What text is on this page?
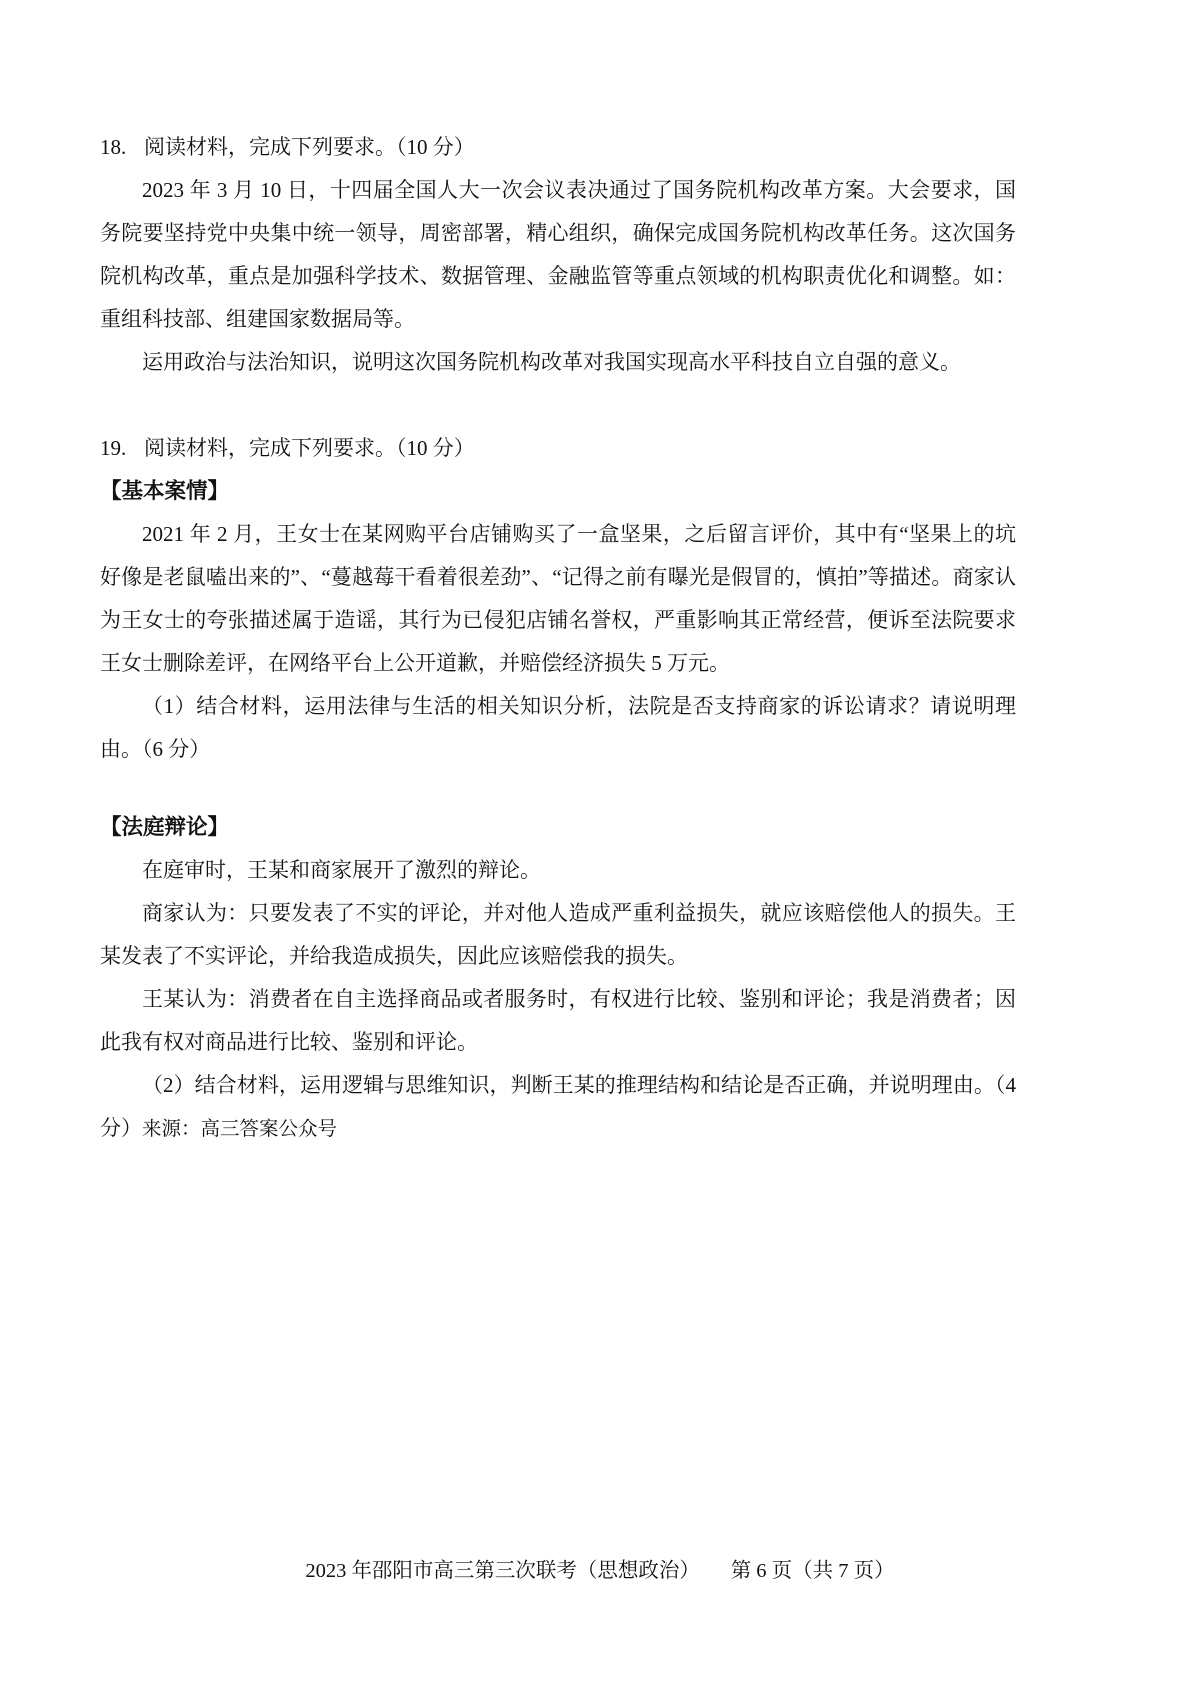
18. 阅读材料，完成下列要求。（10 分）

2023 年 3 月 10 日，十四届全国人大一次会议表决通过了国务院机构改革方案。大会要求，国务院要坚持党中央集中统一领导，周密部署，精心组织，确保完成国务院机构改革任务。这次国务院机构改革，重点是加强科学技术、数据管理、金融监管等重点领域的机构职责优化和调整。如：重组科技部、组建国家数据局等。

运用政治与法治知识，说明这次国务院机构改革对我国实现高水平科技自立自强的意义。

19. 阅读材料，完成下列要求。（10 分）

【基本案情】

2021 年 2 月，王女士在某网购平台店铺购买了一盒坚果，之后留言评价，其中有“坚果上的坑好像是老鼠嗑出来的”、“蔓越莓干看着很差劲”、“记得之前有曝光是假冒的，慎拍”等描述。商家认为王女士的夸张描述属于造谣，其行为已侵犯店铺名誉权，严重影响其正常经营，便诉至法院要求王女士删除差评，在网络平台上公开道歉，并赔偿经济损失 5 万元。

（1）结合材料，运用法律与生活的相关知识分析，法院是否支持商家的诉讼请求？请说明理由。（6 分）

【法庭辩论】

在庭审时，王某和商家展开了激烈的辩论。

商家认为：只要发表了不实的评论，并对他人造成严重利益损失，就应该赔偿他人的损失。王某发表了不实评论，并给我造成损失，因此应该赔偿我的损失。

王某认为：消费者在自主选择商品或者服务时，有权进行比较、鉴别和评论；我是消费者；因此我有权对商品进行比较、鉴别和评论。

（2）结合材料，运用逻辑与思维知识，判断王某的推理结构和结论是否正确，并说明理由。（4 分）来源：高三答案公众号

2023 年邵阳市高三第三次联考（思想政治）　　 第 6 页（共 7 页）
